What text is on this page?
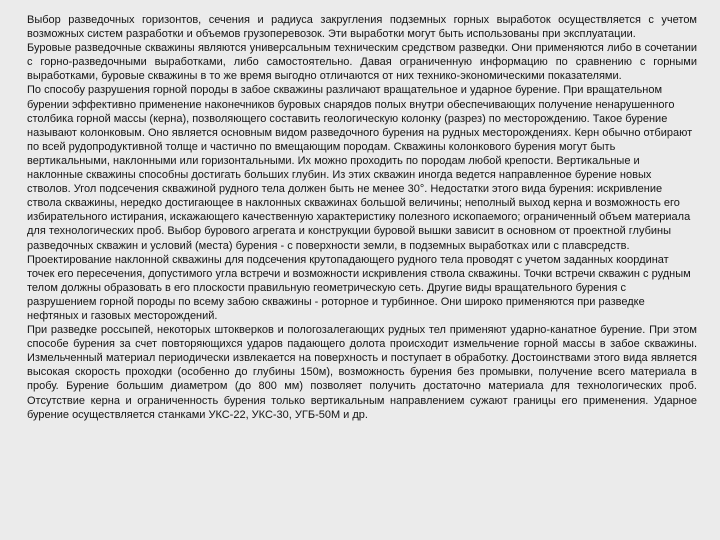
Выбор разведочных горизонтов, сечения и радиуса закругления подземных горных выработок осуществляется с учетом возможных систем разработки и объемов грузоперевозок. Эти выработки могут быть использованы при эксплуатации.

Буровые разведочные скважины являются универсальным техническим средством разведки. Они применяются либо в сочетании с горно-разведочными выработками, либо самостоятельно. Давая ограниченную информацию по сравнению с горными выработками, буровые скважины в то же время выгодно отличаются от них технико-экономическими показателями.

По способу разрушения горной породы в забое скважины различают вращательное и ударное бурение. При вращательном бурении эффективно применение наконечников буровых снарядов полых внутри обеспечивающих получение ненарушенного столбика горной массы (керна), позволяющего составить геологическую колонку (разрез) по месторождению. Такое бурение называют колонковым. Оно является основным видом разведочного бурения на рудных месторождениях. Керн обычно отбирают по всей рудопродуктивной толще и частично по вмещающим породам. Скважины колонкового бурения могут быть вертикальными, наклонными или горизонтальными. Их можно проходить по породам любой крепости. Вертикальные и наклонные скважины способны достигать больших глубин. Из этих скважин иногда ведется направленное бурение новых стволов. Угол подсечения скважиной рудного тела должен быть не менее 30°. Недостатки этого вида бурения: искривление ствола скважины, нередко достигающее в наклонных скважинах большой величины; неполный выход керна и возможность его избирательного истирания, искажающего качественную характеристику полезного ископаемого; ограниченный объем материала для технологических проб. Выбор бурового агрегата и конструкции буровой вышки зависит в основном от проектной глубины разведочных скважин и условий (места) бурения - с поверхности земли, в подземных выработках или с плавсредств. Проектирование наклонной скважины для подсечения крутопадающего рудного тела проводят с учетом заданных координат точек его пересечения, допустимого угла встречи и возможности искривления ствола скважины. Точки встречи скважин с рудным телом должны образовать в его плоскости правильную геометрическую сеть. Другие виды вращательного бурения с разрушением горной породы по всему забою скважины - роторное и турбинное. Они широко применяются при разведке нефтяных и газовых месторождений.

При разведке россыпей, некоторых штокверков и пологозалегающих рудных тел применяют ударно-канатное бурение. При этом способе бурения за счет повторяющихся ударов падающего долота происходит измельчение горной массы в забое скважины. Измельченный материал периодически извлекается на поверхность и поступает в обработку. Достоинствами этого вида является высокая скорость проходки (особенно до глубины 150м), возможность бурения без промывки, получение всего материала в пробу. Бурение большим диаметром (до 800 мм) позволяет получить достаточно материала для технологических проб. Отсутствие керна и ограниченность бурения только вертикальным направлением сужают границы его применения. Ударное бурение осуществляется станками УКС-22, УКС-30, УГБ-50М и др.
